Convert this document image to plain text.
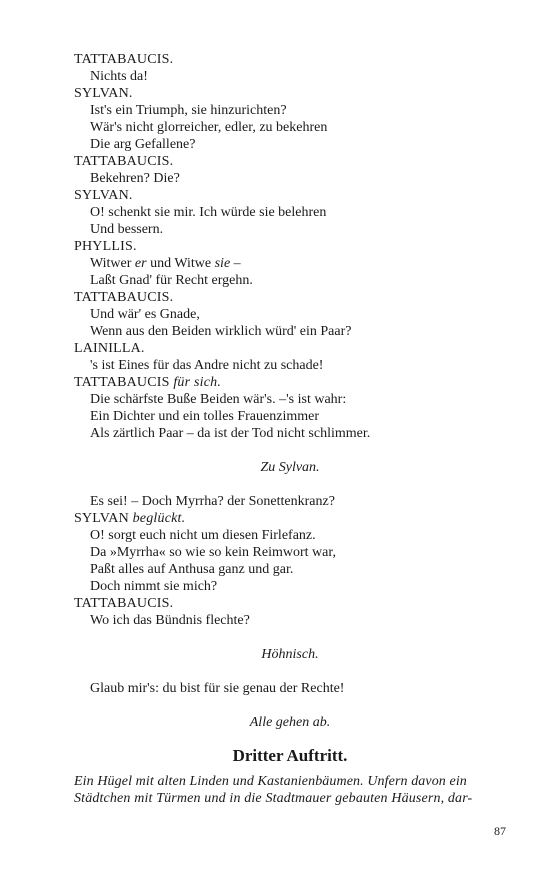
TATTABAUCIS.
Nichts da!
SYLVAN.
Ist's ein Triumph, sie hinzurichten?
Wär's nicht glorreicher, edler, zu bekehren
Die arg Gefallene?
TATTABAUCIS.
Bekehren? Die?
SYLVAN.
O! schenkt sie mir. Ich würde sie belehren
Und bessern.
PHYLLIS.
Witwer er und Witwe sie –
Laßt Gnad' für Recht ergehn.
TATTABAUCIS.
Und wär' es Gnade,
Wenn aus den Beiden wirklich würd' ein Paar?
LAINILLA.
's ist Eines für das Andre nicht zu schade!
TATTABAUCIS für sich.
Die schärfste Buße Beiden wär's. –'s ist wahr:
Ein Dichter und ein tolles Frauenzimmer
Als zärtlich Paar – da ist der Tod nicht schlimmer.
Zu Sylvan.
Es sei! – Doch Myrrha? der Sonettenkranz?
SYLVAN beglückt.
O! sorgt euch nicht um diesen Firlefanz.
Da »Myrrha« so wie so kein Reimwort war,
Paßt alles auf Anthusa ganz und gar.
Doch nimmt sie mich?
TATTABAUCIS.
Wo ich das Bündnis flechte?
Höhnisch.
Glaub mir's: du bist für sie genau der Rechte!
Alle gehen ab.
Dritter Auftritt.
Ein Hügel mit alten Linden und Kastanienbäumen. Unfern davon ein
Städtchen mit Türmen und in die Stadtmauer gebauten Häusern, dar-
87
